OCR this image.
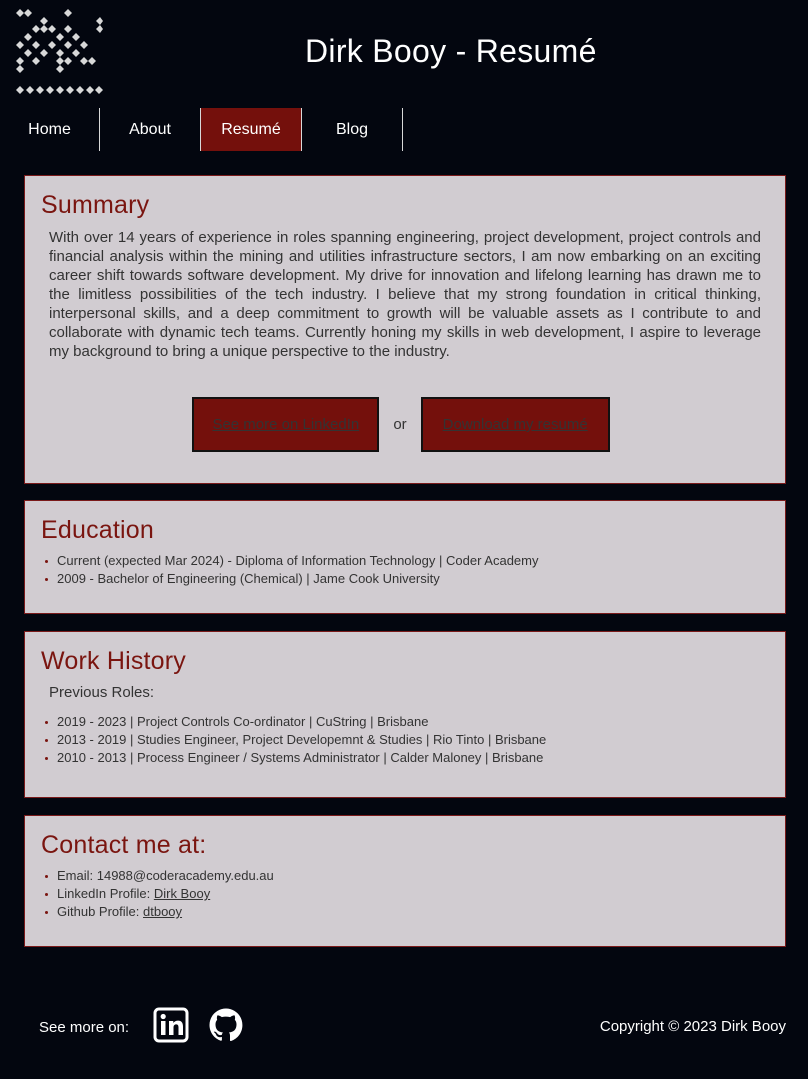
Dirk Booy - Resumé
Home	About	Resumé	Blog
Summary

With over 14 years of experience in roles spanning engineering, project development, project controls and financial analysis within the mining and utilities infrastructure sectors, I am now embarking on an exciting career shift towards software development. My drive for innovation and lifelong learning has drawn me to the limitless possibilities of the tech industry. I believe that my strong foundation in critical thinking, interpersonal skills, and a deep commitment to growth will be valuable assets as I contribute to and collaborate with dynamic tech teams. Currently honing my skills in web development, I aspire to leverage my background to bring a unique perspective to the industry.

See more on LinkedIn	or	Download my resumé
Education
Current (expected Mar 2024) - Diploma of Information Technology | Coder Academy
2009 - Bachelor of Engineering (Chemical) | Jame Cook University
Work History

Previous Roles:

2019 - 2023 | Project Controls Co-ordinator | CuString | Brisbane
2013 - 2019 | Studies Engineer, Project Developemnt & Studies | Rio Tinto | Brisbane
2010 - 2013 | Process Engineer / Systems Administrator | Calder Maloney | Brisbane
Contact me at:
Email: 14988@coderacademy.edu.au
LinkedIn Profile: Dirk Booy
Github Profile: dtbooy
See more on:	Copyright © 2023 Dirk Booy
